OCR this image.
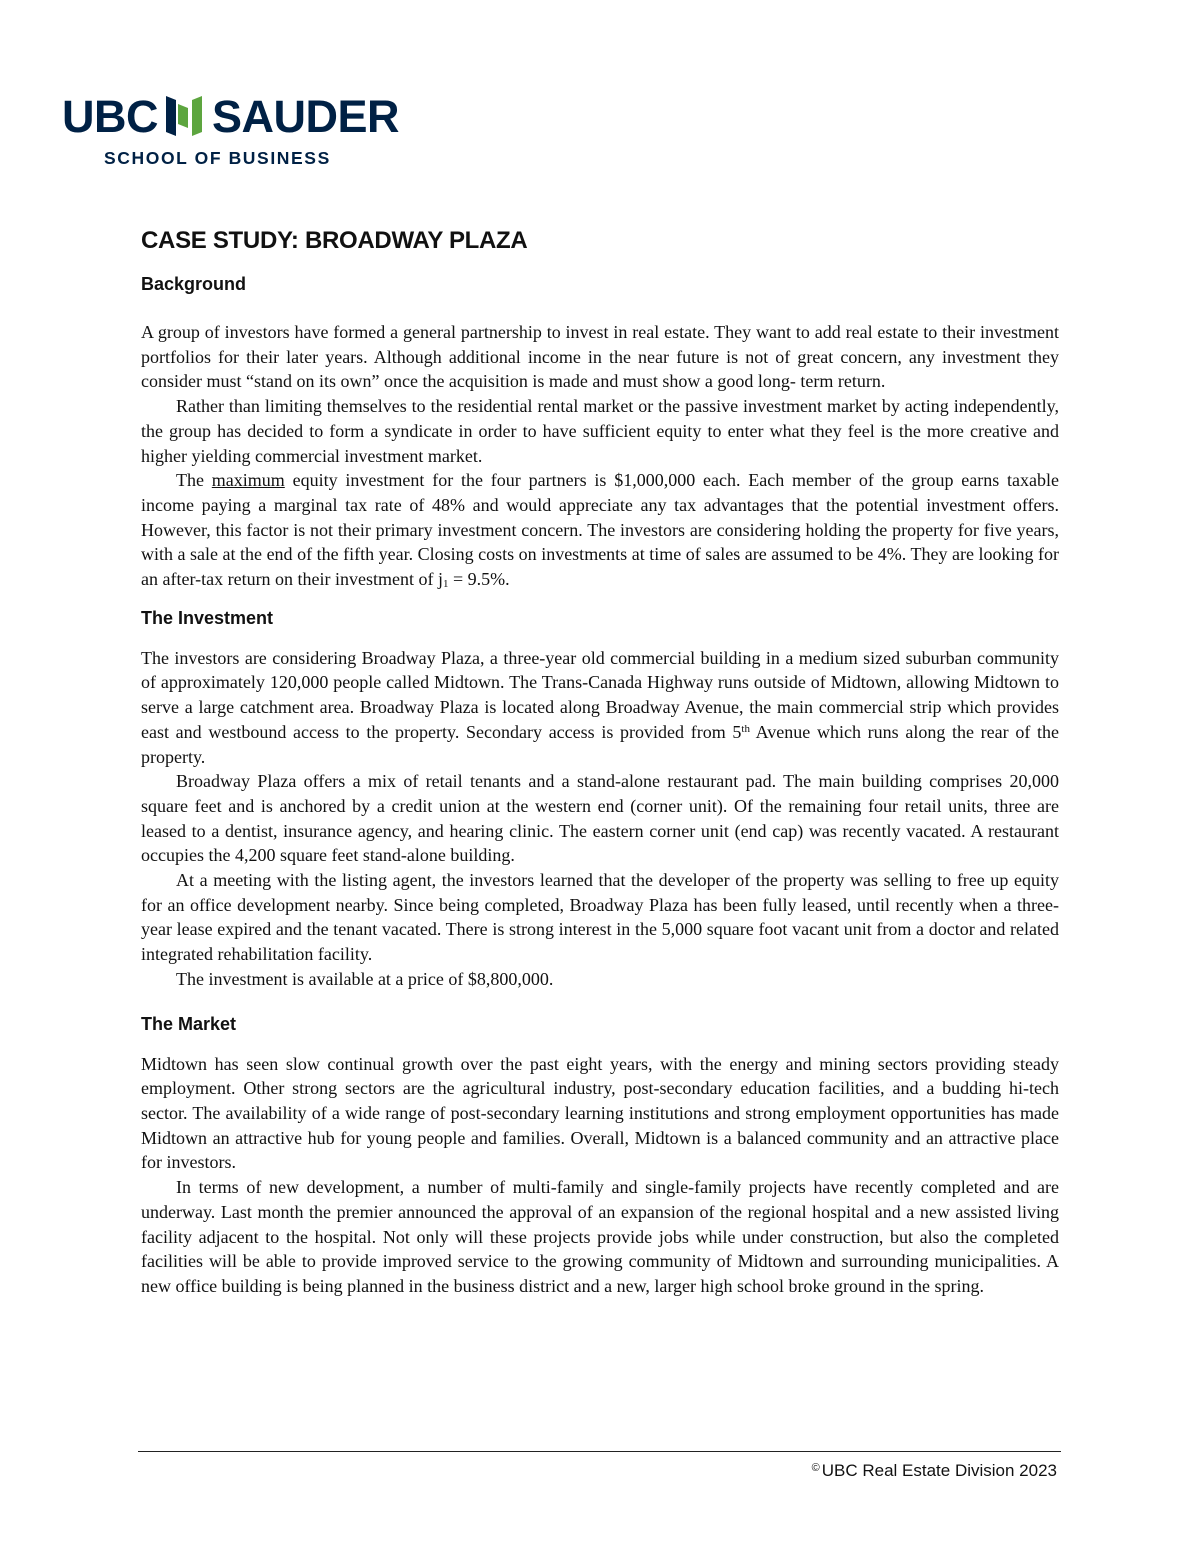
UBC SAUDER
SCHOOL OF BUSINESS
CASE STUDY: BROADWAY PLAZA
Background

A group of investors have formed a general partnership to invest in real estate. They want to add real estate to their investment portfolios for their later years. Although additional income in the near future is not of great concern, any investment they consider must “stand on its own” once the acquisition is made and must show a good long- term return.

Rather than limiting themselves to the residential rental market or the passive investment market by acting independently, the group has decided to form a syndicate in order to have sufficient equity to enter what they feel is the more creative and higher yielding commercial investment market.

The maximum equity investment for the four partners is $1,000,000 each. Each member of the group earns taxable income paying a marginal tax rate of 48% and would appreciate any tax advantages that the potential investment offers. However, this factor is not their primary investment concern. The investors are considering holding the property for five years, with a sale at the end of the fifth year. Closing costs on investments at time of sales are assumed to be 4%. They are looking for an after-tax return on their investment of $j_1 = 9.5\%$.

The Investment

The investors are considering Broadway Plaza, a three-year old commercial building in a medium sized suburban community of approximately 120,000 people called Midtown. The Trans-Canada Highway runs outside of Midtown, allowing Midtown to serve a large catchment area. Broadway Plaza is located along Broadway Avenue, the main commercial strip which provides east and westbound access to the property. Secondary access is provided from 5th Avenue which runs along the rear of the property.

Broadway Plaza offers a mix of retail tenants and a stand-alone restaurant pad. The main building comprises 20,000 square feet and is anchored by a credit union at the western end (corner unit). Of the remaining four retail units, three are leased to a dentist, insurance agency, and hearing clinic. The eastern corner unit (end cap) was recently vacated. A restaurant occupies the 4,200 square feet stand-alone building.

At a meeting with the listing agent, the investors learned that the developer of the property was selling to free up equity for an office development nearby. Since being completed, Broadway Plaza has been fully leased, until recently when a three-year lease expired and the tenant vacated. There is strong interest in the 5,000 square foot vacant unit from a doctor and related integrated rehabilitation facility.

The investment is available at a price of $8,800,000.

The Market

Midtown has seen slow continual growth over the past eight years, with the energy and mining sectors providing steady employment. Other strong sectors are the agricultural industry, post-secondary education facilities, and a budding hi-tech sector. The availability of a wide range of post-secondary learning institutions and strong employment opportunities has made Midtown an attractive hub for young people and families. Overall, Midtown is a balanced community and an attractive place for investors.

In terms of new development, a number of multi-family and single-family projects have recently completed and are underway. Last month the premier announced the approval of an expansion of the regional hospital and a new assisted living facility adjacent to the hospital. Not only will these projects provide jobs while under construction, but also the completed facilities will be able to provide improved service to the growing community of Midtown and surrounding municipalities. A new office building is being planned in the business district and a new, larger high school broke ground in the spring.

© UBC Real Estate Division 2023
